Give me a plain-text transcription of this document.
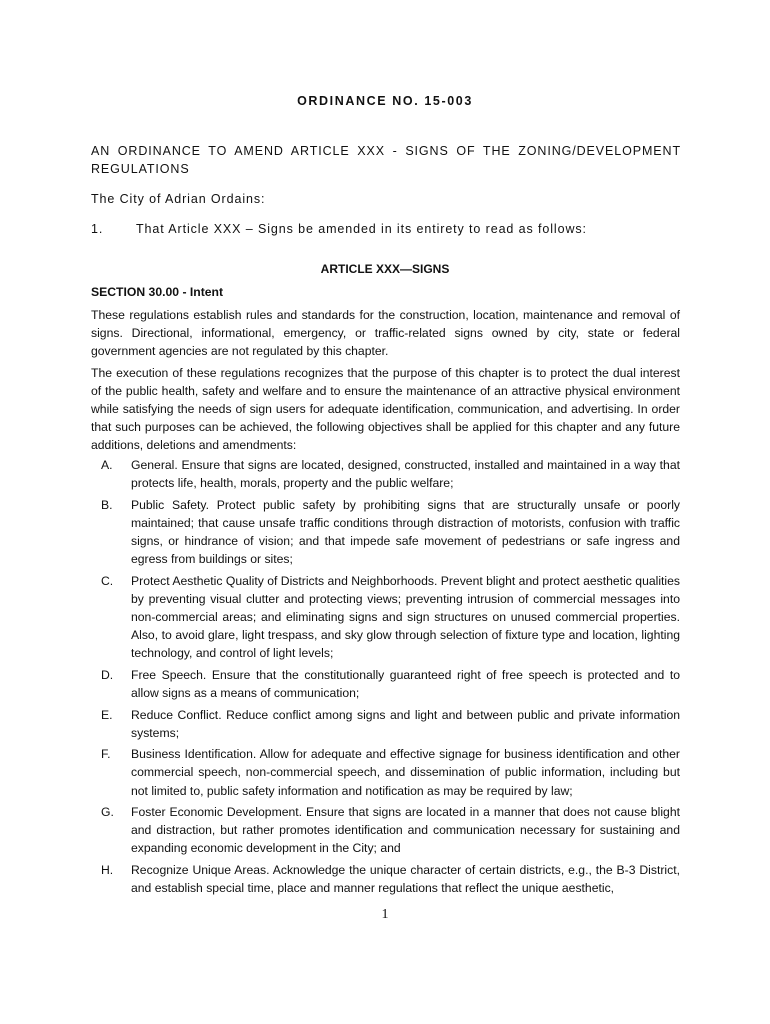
ORDINANCE NO. 15-003
AN ORDINANCE TO AMEND ARTICLE XXX - SIGNS OF THE ZONING/DEVELOPMENT
REGULATIONS
The City of Adrian Ordains:
1.	That Article XXX – Signs be amended in its entirety to read as follows:
ARTICLE XXX—SIGNS
SECTION 30.00 - Intent
These regulations establish rules and standards for the construction, location, maintenance and removal of signs. Directional, informational, emergency, or traffic-related signs owned by city, state or federal government agencies are not regulated by this chapter.
The execution of these regulations recognizes that the purpose of this chapter is to protect the dual interest of the public health, safety and welfare and to ensure the maintenance of an attractive physical environment while satisfying the needs of sign users for adequate identification, communication, and advertising. In order that such purposes can be achieved, the following objectives shall be applied for this chapter and any future additions, deletions and amendments:
A.	General. Ensure that signs are located, designed, constructed, installed and maintained in a way that protects life, health, morals, property and the public welfare;
B.	Public Safety. Protect public safety by prohibiting signs that are structurally unsafe or poorly maintained; that cause unsafe traffic conditions through distraction of motorists, confusion with traffic signs, or hindrance of vision; and that impede safe movement of pedestrians or safe ingress and egress from buildings or sites;
C.	Protect Aesthetic Quality of Districts and Neighborhoods. Prevent blight and protect aesthetic qualities by preventing visual clutter and protecting views; preventing intrusion of commercial messages into non-commercial areas; and eliminating signs and sign structures on unused commercial properties. Also, to avoid glare, light trespass, and sky glow through selection of fixture type and location, lighting technology, and control of light levels;
D.	Free Speech. Ensure that the constitutionally guaranteed right of free speech is protected and to allow signs as a means of communication;
E.	Reduce Conflict. Reduce conflict among signs and light and between public and private information systems;
F.	Business Identification. Allow for adequate and effective signage for business identification and other commercial speech, non-commercial speech, and dissemination of public information, including but not limited to, public safety information and notification as may be required by law;
G.	Foster Economic Development. Ensure that signs are located in a manner that does not cause blight and distraction, but rather promotes identification and communication necessary for sustaining and expanding economic development in the City; and
H.	Recognize Unique Areas. Acknowledge the unique character of certain districts, e.g., the B-3 District, and establish special time, place and manner regulations that reflect the unique aesthetic,
1
